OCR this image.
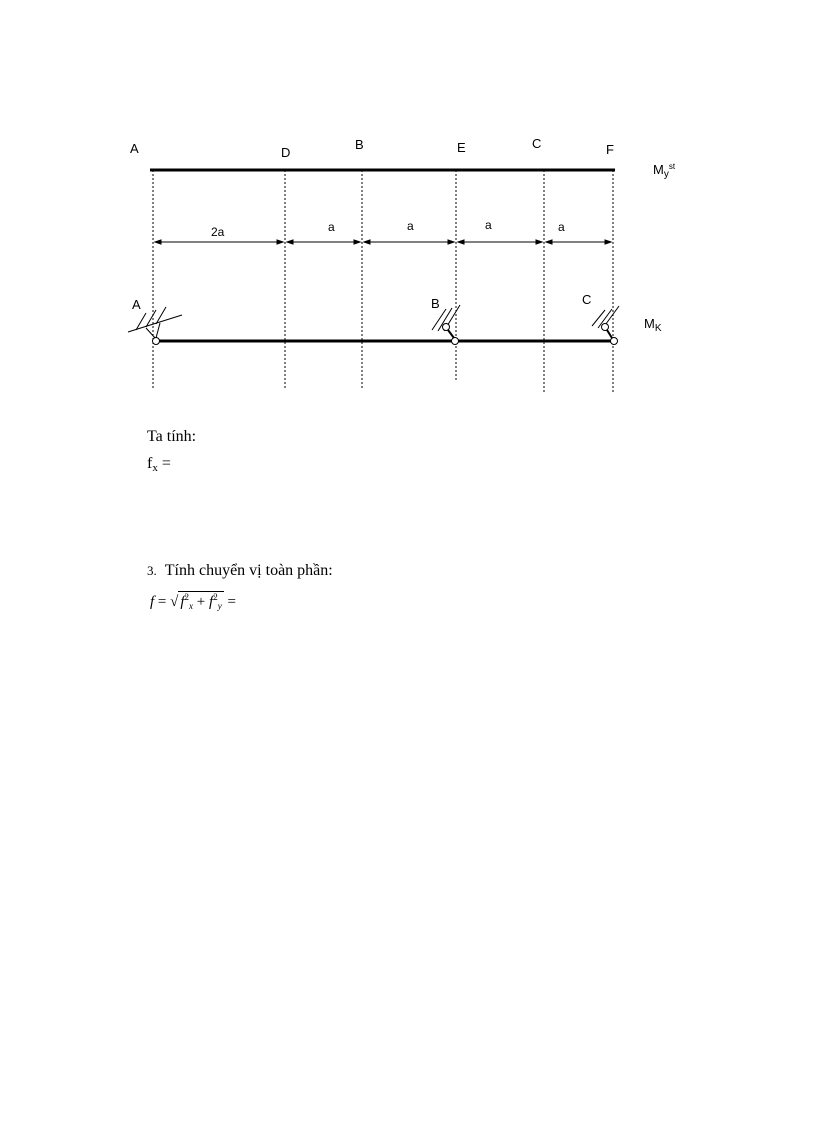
A	D
B	E	C	F
$M_yst$
2a	a	a	a	a
A	B	C
$M_K$
Ta tính:
$f_x$ =
3. Tính chuyển vị toàn phần:
f = √ $f^2_x + f^2_y$ =
